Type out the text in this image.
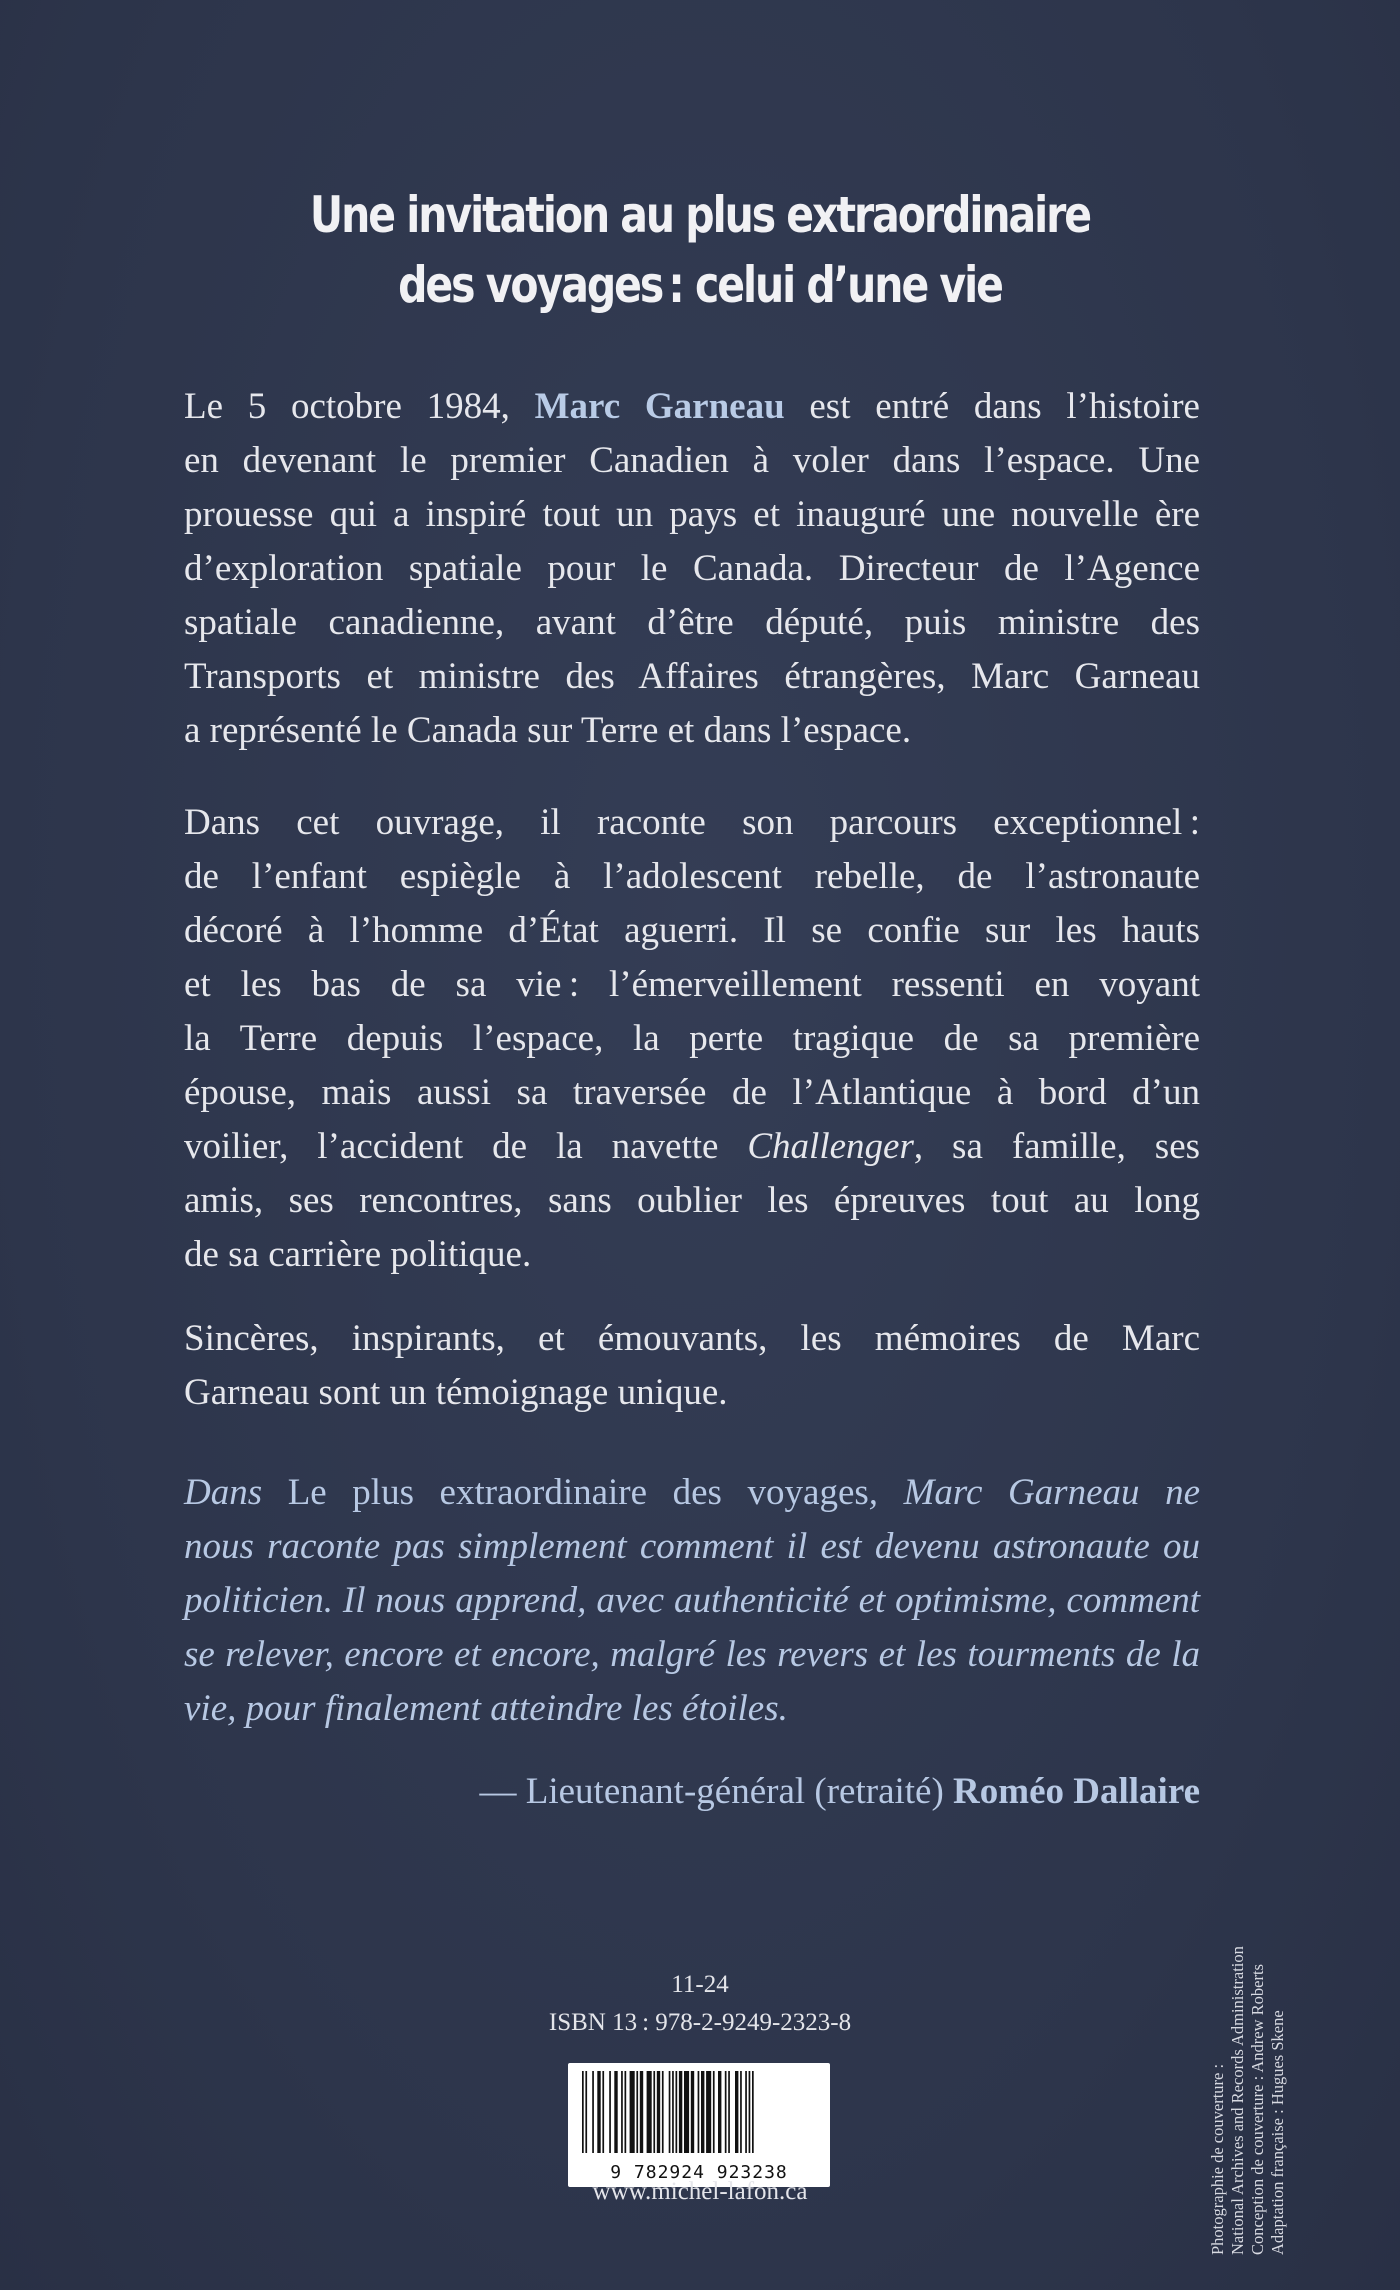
Une invitation au plus extraordinaire
des voyages : celui d’une vie
Le 5 octobre 1984, Marc Garneau est entré dans l’histoire
en devenant le premier Canadien à voler dans l’espace. Une
prouesse qui a inspiré tout un pays et inauguré une nouvelle ère
d’exploration spatiale pour le Canada. Directeur de l’Agence
spatiale canadienne, avant d’être député, puis ministre des
Transports et ministre des Affaires étrangères, Marc Garneau
a représenté le Canada sur Terre et dans l’espace.
Dans cet ouvrage, il raconte son parcours exceptionnel :
de l’enfant espiègle à l’adolescent rebelle, de l’astronaute
décoré à l’homme d’État aguerri. Il se confie sur les hauts
et les bas de sa vie : l’émerveillement ressenti en voyant
la Terre depuis l’espace, la perte tragique de sa première
épouse, mais aussi sa traversée de l’Atlantique à bord d’un
voilier, l’accident de la navette Challenger, sa famille, ses
amis, ses rencontres, sans oublier les épreuves tout au long
de sa carrière politique.
Sincères, inspirants, et émouvants, les mémoires de Marc
Garneau sont un témoignage unique.
Dans Le plus extraordinaire des voyages, Marc Garneau ne
nous raconte pas simplement comment il est devenu astronaute ou
politicien. Il nous apprend, avec authenticité et optimisme, comment
se relever, encore et encore, malgré les revers et les tourments de la
vie, pour finalement atteindre les étoiles.
— Lieutenant-général (retraité) Roméo Dallaire
11-24
ISBN 13 : 978-2-9249-2323-8
9 782924 923238
www.michel-lafon.ca	Photographie de couverture : National Archives and Records Administration Conception de couverture : Andrew Roberts Adaptation française : Hugues Skene
